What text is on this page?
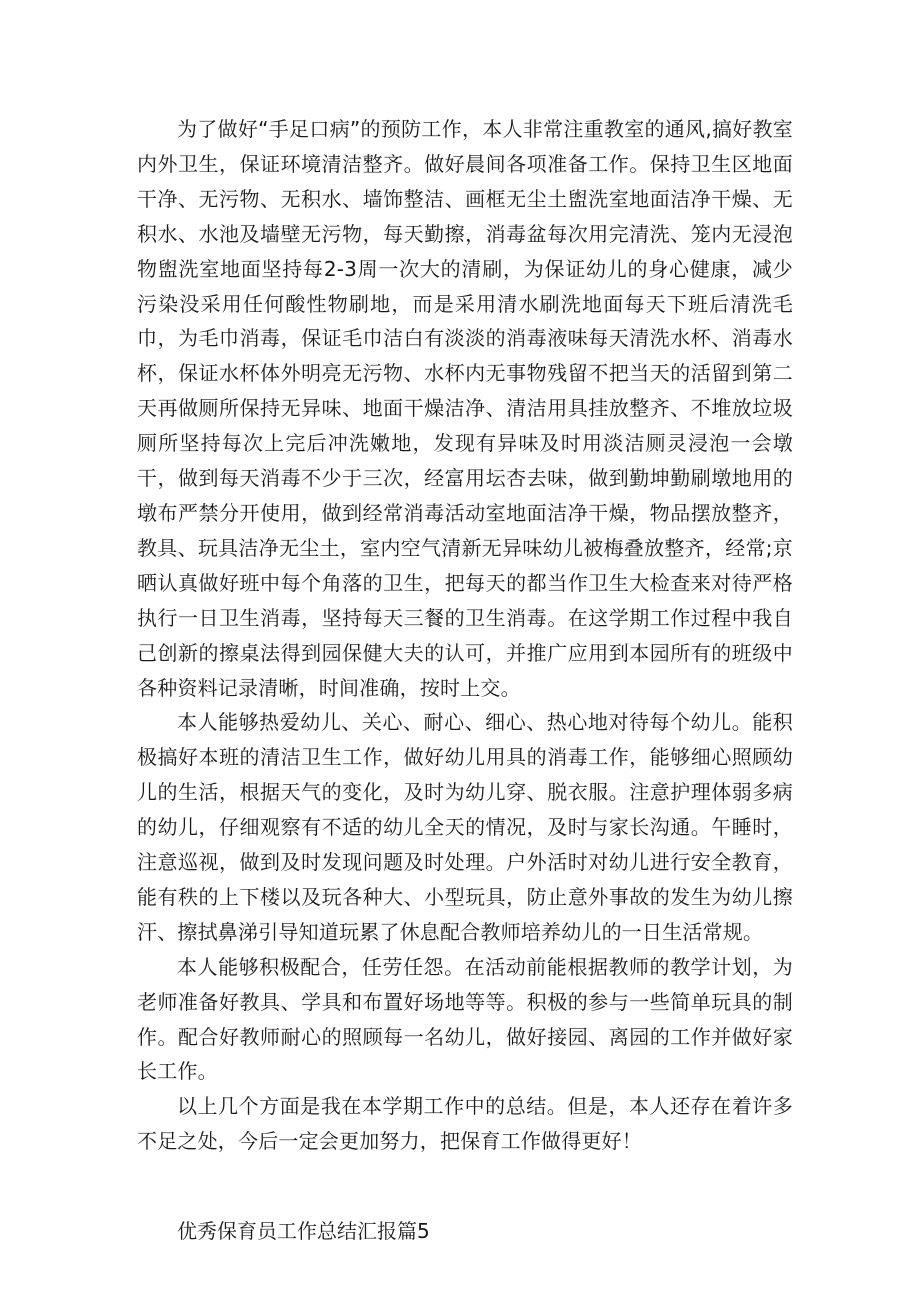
为了做好“手足口病”的预防工作，本人非常注重教室的通风,搞好教室内外卫生，保证环境清洁整齐。做好晨间各项准备工作。保持卫生区地面干净、无污物、无积水、墙饰整洁、画框无尘土盥洗室地面洁净干燥、无积水、水池及墙壁无污物，每天勤擦，消毒盆每次用完清洗、笼内无浸泡物盥洗室地面坚持每2-3周一次大的清刷，为保证幼儿的身心健康，减少污染没采用任何酸性物刷地，而是采用清水刷洗地面每天下班后清洗毛巾，为毛巾消毒，保证毛巾洁白有淡淡的消毒液味每天清洗水杯、消毒水杯，保证水杯体外明亮无污物、水杯内无事物残留不把当天的活留到第二天再做厕所保持无异味、地面干燥洁净、清洁用具挂放整齐、不堆放垃圾厕所坚持每次上完后冲洗嫩地，发现有异味及时用淡洁厕灵浸泡一会墩干，做到每天消毒不少于三次，经富用坛杏去味，做到勤坤勤刷墩地用的墩布严禁分开使用，做到经常消毒活动室地面洁净干燥，物品摆放整齐，教具、玩具洁净无尘土，室内空气清新无异味幼儿被梅叠放整齐，经常;京晒认真做好班中每个角落的卫生，把每天的都当作卫生大检查来对待严格执行一日卫生消毒，坚持每天三餐的卫生消毒。在这学期工作过程中我自己创新的擦桌法得到园保健大夫的认可，并推广应用到本园所有的班级中各种资料记录清晰，时间准确，按时上交。

本人能够热爱幼儿、关心、耐心、细心、热心地对待每个幼儿。能积极搞好本班的清洁卫生工作，做好幼儿用具的消毒工作，能够细心照顾幼儿的生活，根据天气的变化，及时为幼儿穿、脱衣服。注意护理体弱多病的幼儿，仔细观察有不适的幼儿全天的情况，及时与家长沟通。午睡时，注意巡视，做到及时发现问题及时处理。户外活时对幼儿进行安全教育，能有秩的上下楼以及玩各种大、小型玩具，防止意外事故的发生为幼儿擦汗、擦拭鼻涕引导知道玩累了休息配合教师培养幼儿的一日生活常规。

本人能够积极配合，任劳任怨。在活动前能根据教师的教学计划，为老师准备好教具、学具和布置好场地等等。积极的参与一些简单玩具的制作。配合好教师耐心的照顾每一名幼儿，做好接园、离园的工作并做好家长工作。

以上几个方面是我在本学期工作中的总结。但是，本人还存在着许多不足之处，今后一定会更加努力，把保育工作做得更好！

优秀保育员工作总结汇报篇5
